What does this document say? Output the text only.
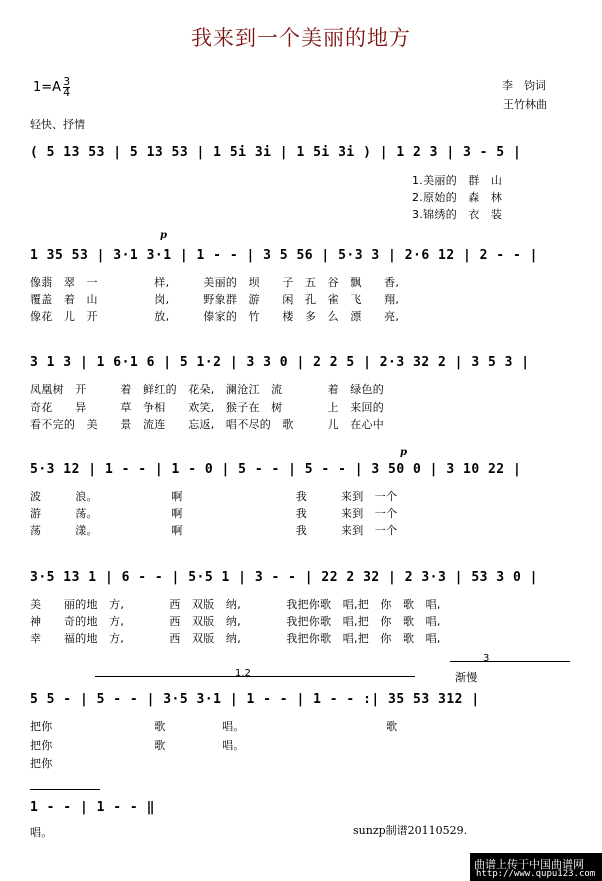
我来到一个美丽的地方
$1=A \frac{3}{4}$	李　钧词
王竹林曲
轻快、抒情
( 5 13 53 | 5 13 53 | 1 5i 3i | 1 5i 3i ) | 1 2 3 | 3 - 5 |
1.美丽的　群　山
2.原始的　森　林
3.锦绣的　衣　装
p
1 35 53 | 3·1 3·1 | 1 - - | 3 5 56 | 5·3 3 | 2·6 12 | 2 - - |
像翡　翠　一　　　　　样,　　　美丽的　坝　　子　五　谷　飘　　香,
覆盖　着　山　　　　　岗,　　　野象群　游　　闲　孔　雀　飞　　翔,
像花　儿　开　　　　　放,　　　傣家的　竹　　楼　多　么　漂　　亮,
3 1 3 | 1 6·1 6 | 5 1·2 | 3 3 0 | 2 2 5 | 2·3 32 2 | 3 5 3 |
凤凰树　开　　　着　鲜红的　花朵,　澜沧江　流　　　　着　绿色的
奇花　　异　　　草　争相　　欢笑,　猴子在　树　　　　上　来回的
看不完的　美　　景　流连　　忘返,　唱不尽的　歌　　　儿　在心中
p
5·3 12 | 1 - - | 1 - 0 | 5 - - | 5 - - | 3 50 0 | 3 10 22 |
波　　　浪。　　　　　　　啊　　　　　　　　　　我　　　来到　一个
游　　　荡。　　　　　　　啊　　　　　　　　　　我　　　来到　一个
荡　　　漾。　　　　　　　啊　　　　　　　　　　我　　　来到　一个
3·5 13 1 | 6 - - | 5·5 1 | 3 - - | 22 2 32 | 2 3·3 | 53 3 0 |
美　　丽的地　方,　　　　西　双版　纳,　　　　我把你歌　唱,把　你　歌　唱,
神　　奇的地　方,　　　　西　双版　纳,　　　　我把你歌　唱,把　你　歌　唱,
幸　　福的地　方,　　　　西　双版　纳,　　　　我把你歌　唱,把　你　歌　唱,
1.2
3
渐慢
5 5 - | 5 - - | 3·5 3·1 | 1 - - | 1 - - :| 35 53 312 |
把你　　　　　　　　　歌　　　　　唱。　　　　　　　　　　　　　歌
把你　　　　　　　　　歌　　　　　唱。
把你
1 - - | 1 - - ‖
唱。	sunzp制谱20110529.
曲谱上传于中国曲谱网
http://www.qupu123.com
